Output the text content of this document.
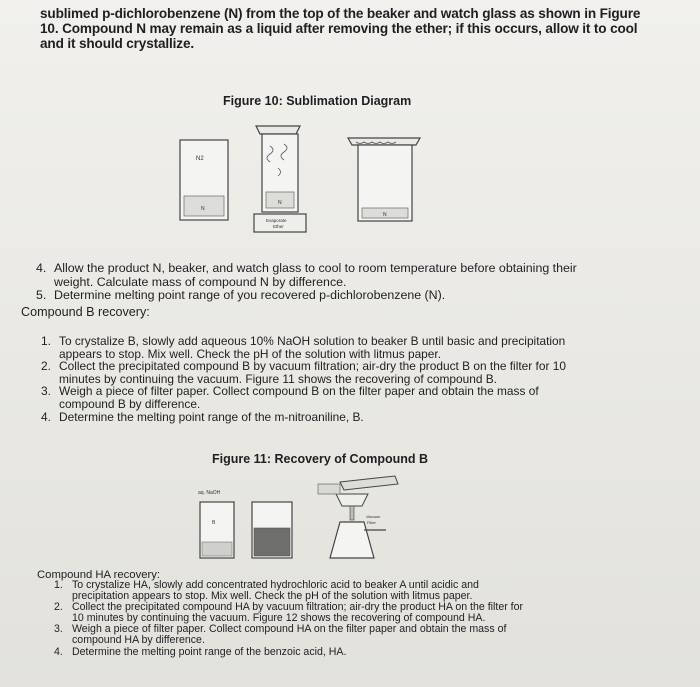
sublimed p-dichlorobenzene (N) from the top of the beaker and watch glass as shown in Figure

10. Compound N may remain as a liquid after removing the ether; if this occurs, allow it to cool

and it should crystallize.

Figure 10: Sublimation Diagram
N2
N
N
Evaporate
Ether
N
4. Allow the product N, beaker, and watch glass to cool to room temperature before obtaining their
weight. Calculate mass of compound N by difference.
5. Determine melting point range of you recovered p-dichlorobenzene (N).
Compound B recovery:
1. To crystalize B, slowly add aqueous 10% NaOH solution to beaker B until basic and precipitation
appears to stop. Mix well. Check the pH of the solution with litmus paper.
2. Collect the precipitated compound B by vacuum filtration; air-dry the product B on the filter for 10
minutes by continuing the vacuum. Figure 11 shows the recovering of compound B.
3. Weigh a piece of filter paper. Collect compound B on the filter paper and obtain the mass of
compound B by difference.
4. Determine the melting point range of the m-nitroaniline, B.
Figure 11: Recovery of Compound B
aq. NaOH
B
Vacuum
Filter
Compound HA recovery:
1. To crystalize HA, slowly add concentrated hydrochloric acid to beaker A until acidic and
precipitation appears to stop. Mix well. Check the pH of the solution with litmus paper.
2. Collect the precipitated compound HA by vacuum filtration; air-dry the product HA on the filter for
10 minutes by continuing the vacuum. Figure 12 shows the recovering of compound HA.
3. Weigh a piece of filter paper. Collect compound HA on the filter paper and obtain the mass of
compound HA by difference.
4. Determine the melting point range of the benzoic acid, HA.
